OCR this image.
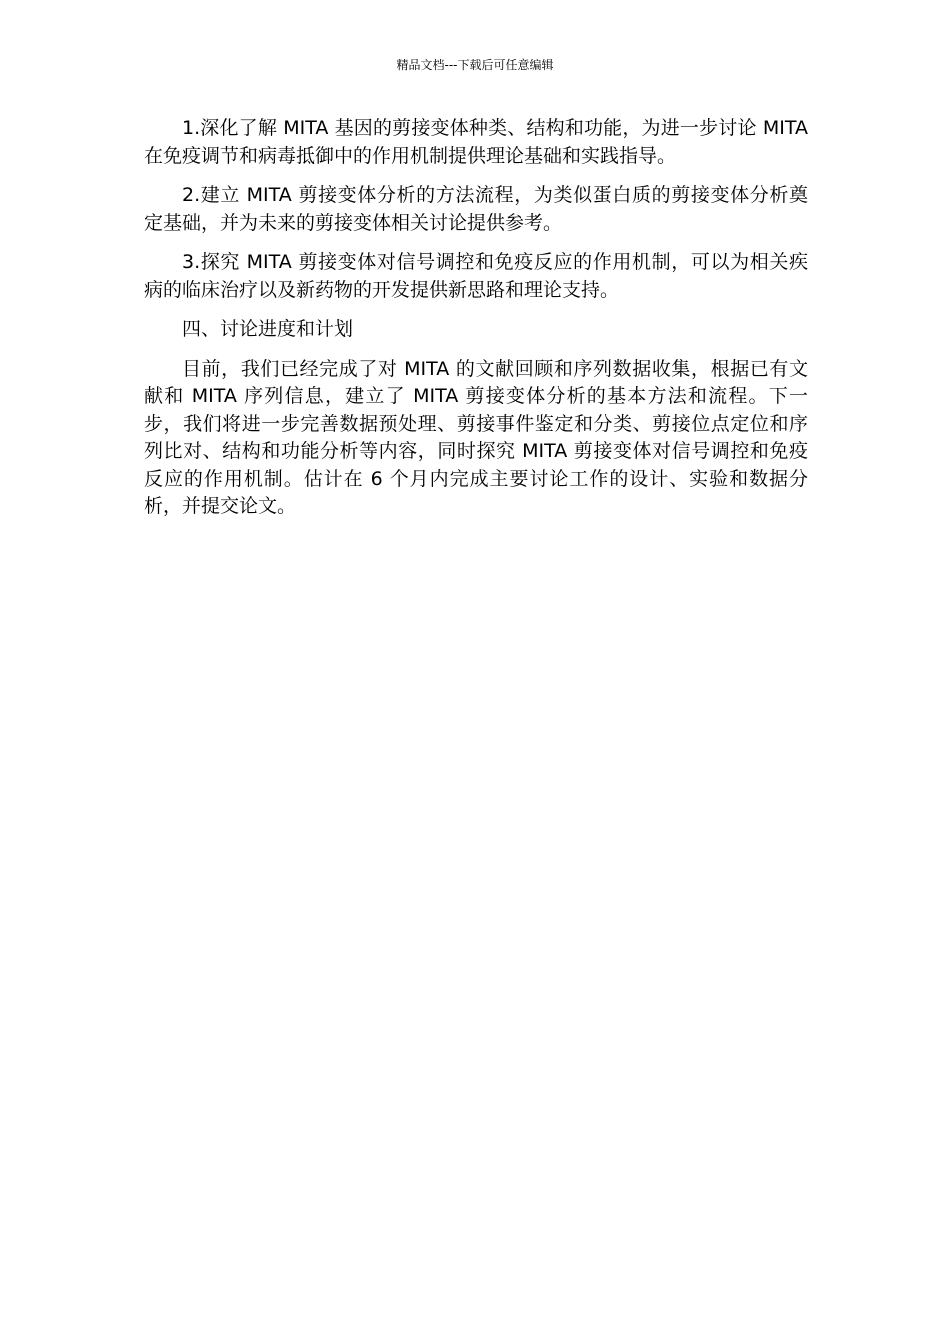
精品文档---下载后可任意编辑

1.深化了解 MITA 基因的剪接变体种类、结构和功能，为进一步讨论 MITA 在免疫调节和病毒抵御中的作用机制提供理论基础和实践指导。

2.建立 MITA 剪接变体分析的方法流程，为类似蛋白质的剪接变体分析奠定基础，并为未来的剪接变体相关讨论提供参考。

3.探究 MITA 剪接变体对信号调控和免疫反应的作用机制，可以为相关疾病的临床治疗以及新药物的开发提供新思路和理论支持。

四、讨论进度和计划

目前，我们已经完成了对 MITA 的文献回顾和序列数据收集，根据已有文献和 MITA 序列信息，建立了 MITA 剪接变体分析的基本方法和流程。下一步，我们将进一步完善数据预处理、剪接事件鉴定和分类、剪接位点定位和序列比对、结构和功能分析等内容，同时探究 MITA 剪接变体对信号调控和免疫反应的作用机制。估计在 6 个月内完成主要讨论工作的设计、实验和数据分析，并提交论文。
